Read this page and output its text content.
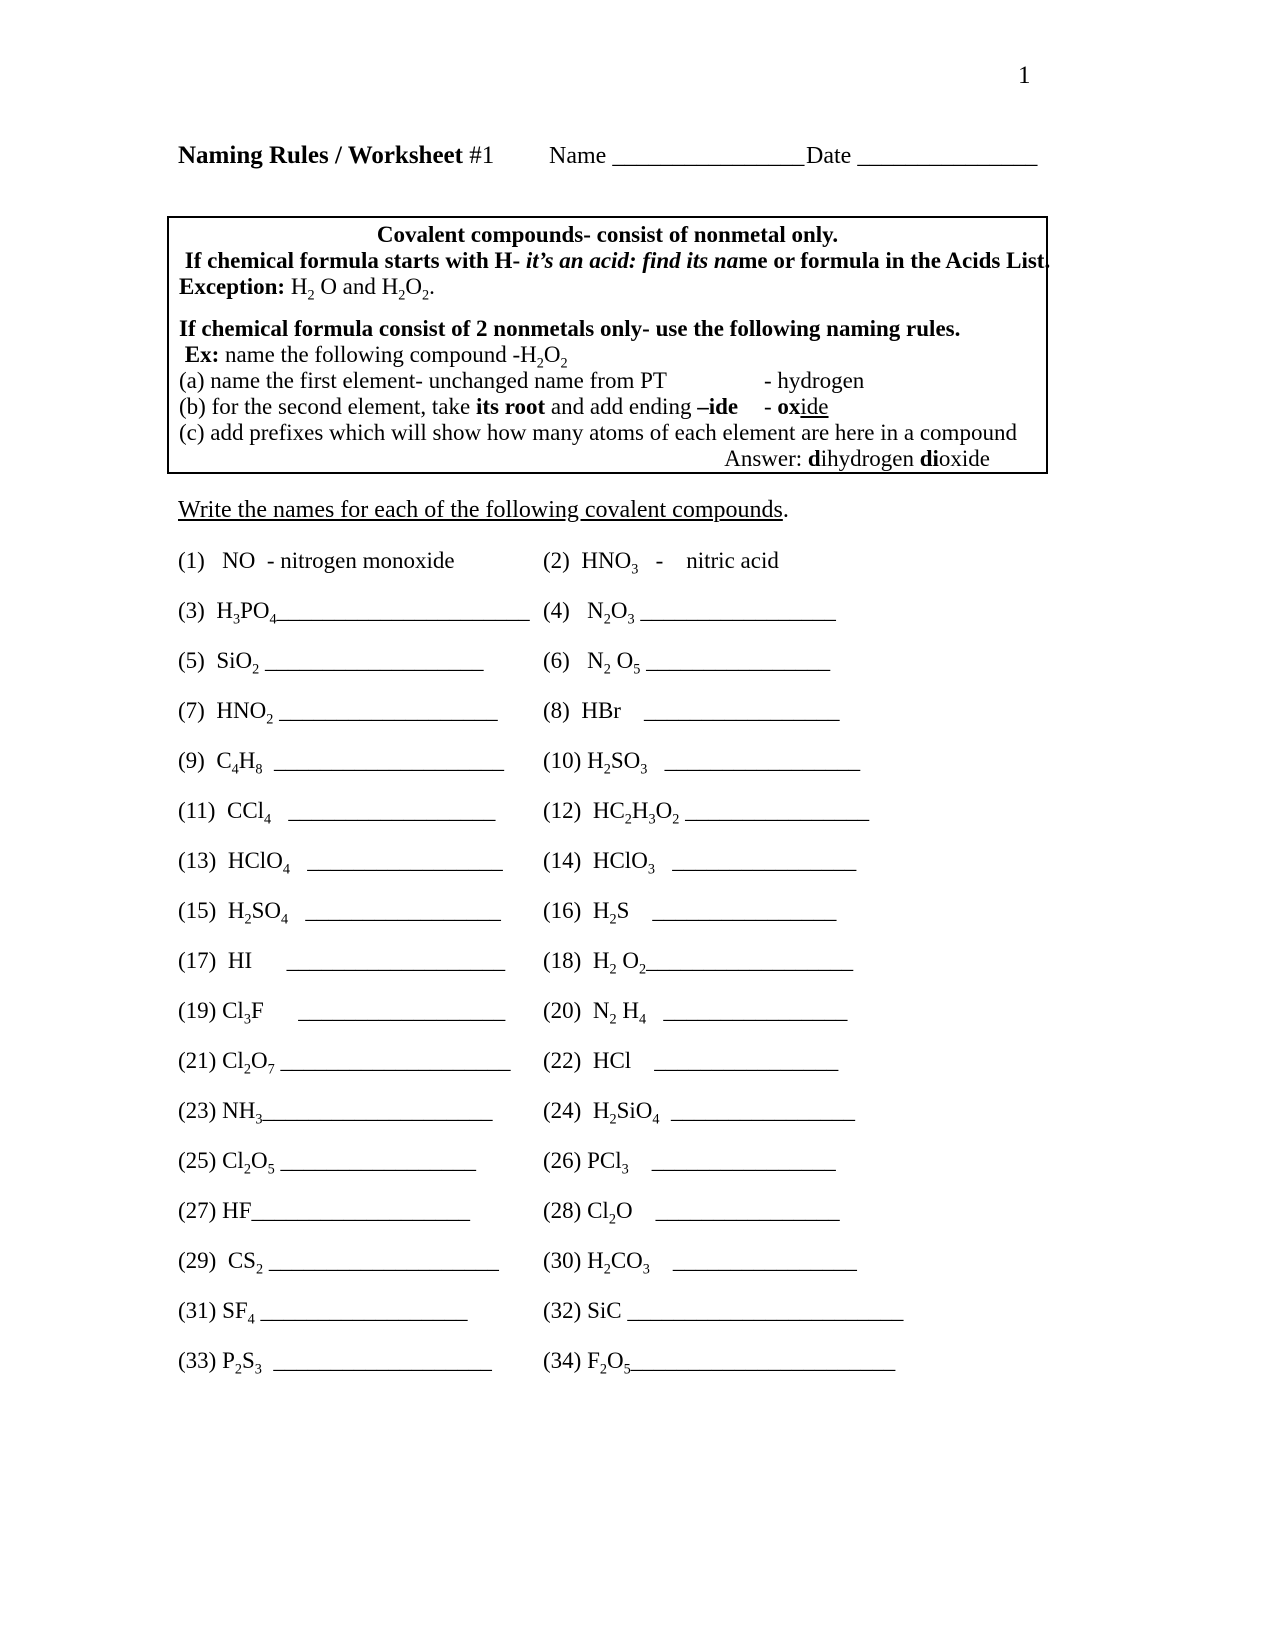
1
Naming Rules / Worksheet #1 Name ________________ Date _______________
Covalent compounds- consist of nonmetal only.
If chemical formula starts with H- it’s an acid: find its name or formula in the Acids List.
Exception: $H_2$ O and $H_2O_2$.
If chemical formula consist of 2 nonmetals only- use the following naming rules.
Ex: name the following compound $-H_2O_2$
(a) name the first element- unchanged name from PT	- hydrogen
(b) for the second element, take its root and add ending –ide - oxide
(c) add prefixes which will show how many atoms of each element are here in a compound
Answer: dihydrogen dioxide
Write the names for each of the following covalent compounds.
(1)   NO  - nitrogen monoxide	(2)  $HNO_3$   -    nitric acid
(3)  $H_3PO_4\_\_\_\_\_\_\_\_\_\_\_\_\_\_\_\_\_\_\_\_\_\_$ (4)   $N_2O_3$ _________________
(5)  SiO$_2$ ___________________	(6)   $N_2$ $O_5$ ________________
(7)  $HNO_2$ ___________________	(8)  HBr    _________________
(9)  $C_4H_8$  ____________________	(10) $H_2SO_3$   _________________
(11)  CCl$_4$   __________________	(12)  $HC_2H_3O_2$ ________________
(13)  HClO$_4$   _________________	(14)  HClO$_3$   ________________
(15)  $H_2SO_4$   _________________	(16)  $H_2S$    ________________
(17)  HI      ___________________	(18)  $H_2$ $O_2\_\_\_\_\_\_\_\_\_\_\_\_\_\_\_\_\_\_$
(19) $Cl_3F$      __________________	(20)  $N_2$ $H_4$   ________________
(21) $Cl_2O_7$ ____________________	(22)  HCl    ________________
(23) $NH_3\_\_\_\_\_\_\_\_\_\_\_\_\_\_\_\_\_\_\_\_$	(24)  $H_2SiO_4$  ________________
(25) $Cl_2O_5$ _________________	(26) PCl$_3$    ________________
(27) HF___________________	(28) $Cl_2O$    ________________
(29)  $CS_2$ ____________________	(30) $H_2CO_3$    ________________
(31) $SF_4$ __________________	(32) SiC ________________________
(33) $P_2S_3$  ___________________	(34) $F_2O_5\_\_\_\_\_\_\_\_\_\_\_\_\_\_\_\_\_\_\_\_\_\_\_$
